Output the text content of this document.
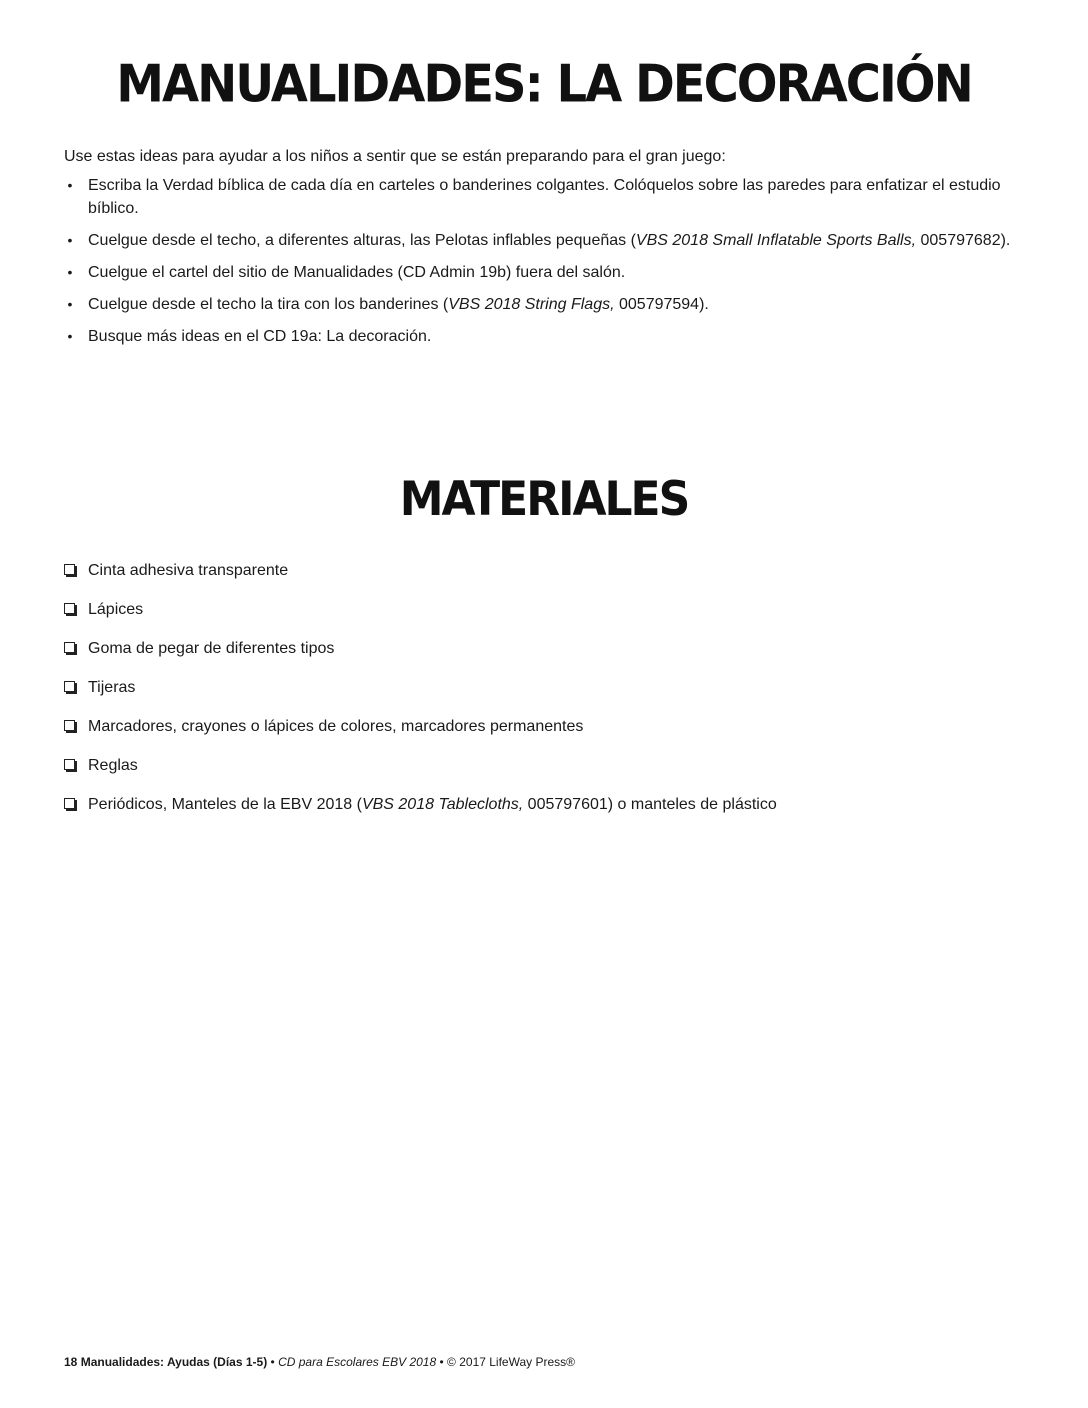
MANUALIDADES: LA DECORACIÓN

Use estas ideas para ayudar a los niños a sentir que se están preparando para el gran juego:

• Escriba la Verdad bíblica de cada día en carteles o banderines colgantes. Colóquelos sobre las paredes para enfatizar el estudio bíblico.
• Cuelgue desde el techo, a diferentes alturas, las Pelotas inflables pequeñas (VBS 2018 Small Inflatable Sports Balls, 005797682).
• Cuelgue el cartel del sitio de Manualidades (CD Admin 19b) fuera del salón.
• Cuelgue desde el techo la tira con los banderines (VBS 2018 String Flags, 005797594).
• Busque más ideas en el CD 19a: La decoración.
MATERIALES
Cinta adhesiva transparente
Lápices
Goma de pegar de diferentes tipos
Tijeras
Marcadores, crayones o lápices de colores, marcadores permanentes
Reglas
Periódicos, Manteles de la EBV 2018 (VBS 2018 Tablecloths, 005797601) o manteles de plástico
18 Manualidades: Ayudas (Días 1-5) • CD para Escolares EBV 2018 • © 2017 LifeWay Press®
